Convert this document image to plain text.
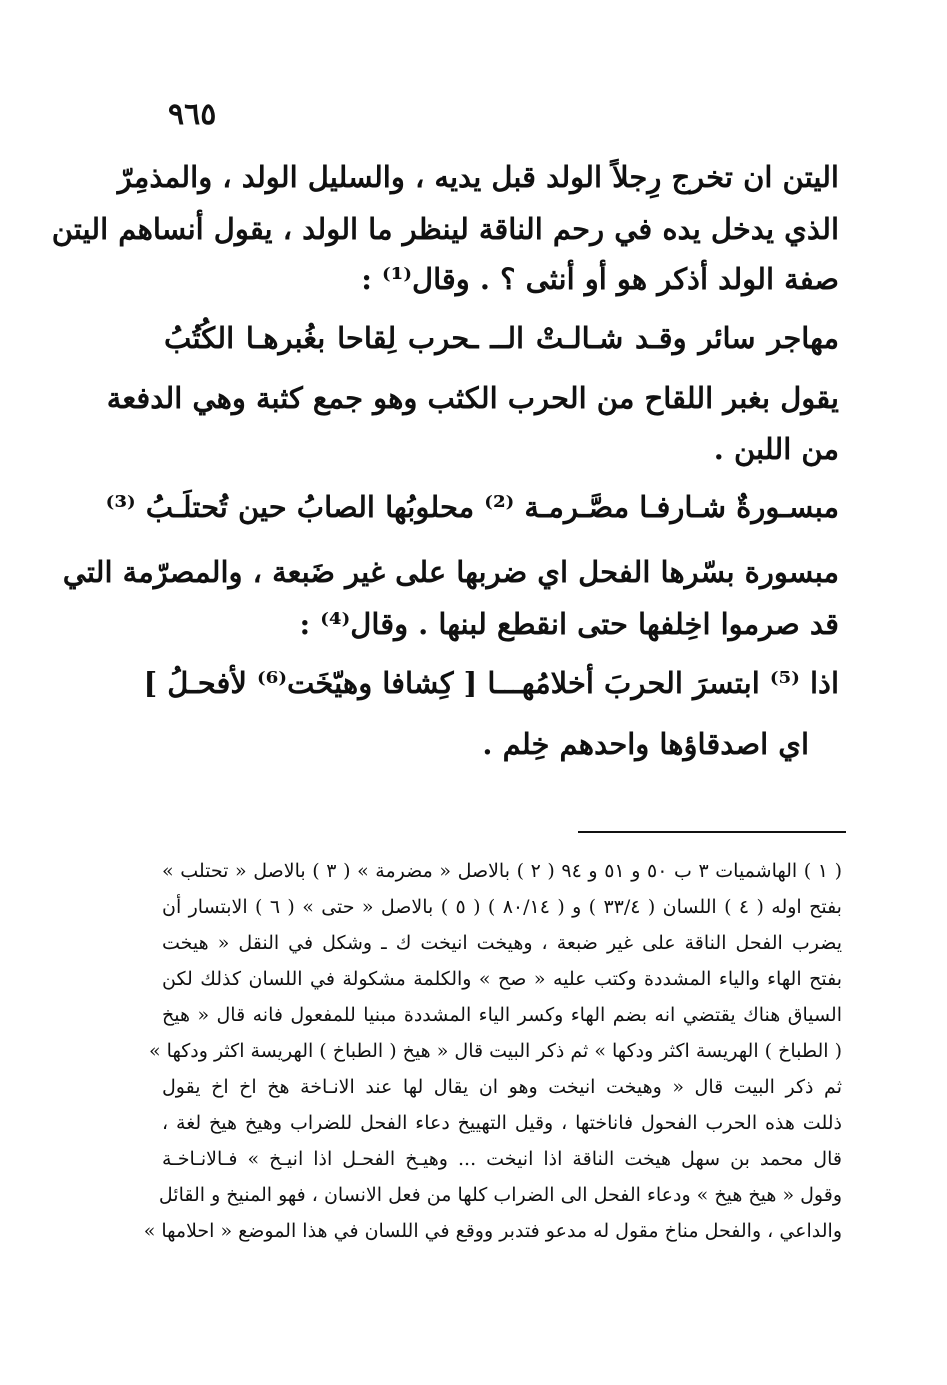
٩٦٥
اليتن ان تخرج رِجلاً الولد قبل يديه ، والسليل الولد ، والمذمِرّ
الذي يدخل يده في رحم الناقة لينظر ما الولد ، يقول أنساهم اليتن
صفة الولد أذكر هو أو أنثى ؟ . وقال⁽¹⁾ :
مهاجر سائر وقـد شـالـتْ الــ ـحرب لِقاحا بغُبرهـا الكُتُبُ
يقول بغبر اللقاح من الحرب الكثب وهو جمع كثبة وهي الدفعة
من اللبن .
مبسـورةٌ شـارفـا مصَّـرمـة ⁽²⁾ محلوبُها الصابُ حين تُحتلَـبُ ⁽³⁾
مبسورة بسّرها الفحل اي ضربها على غير ضَبعة ، والمصرّمة التي
قد صرموا اخِلفها حتى انقطع لبنها . وقال⁽⁴⁾ :
اذا ⁽⁵⁾ ابتسرَ الحربَ أخلامُهـــا [ كِشافا وهيّخَت⁽⁶⁾ لأفحـلُ ]
اي اصدقاؤها واحدهم خِلم .
( ١ ) الهاشميات ٣ ب ٥٠ و ٥١ و ٩٤ ( ٢ ) بالاصل « مضرمة » ( ٣ ) بالاصل « تحتلب »
بفتح اوله ( ٤ ) اللسان ( ٣٣/٤ ) و ( ٨٠/١٤ ) ( ٥ ) بالاصل « حتى » ( ٦ ) الابتسار أن
يضرب الفحل الناقة على غير ضبعة ، وهيخت انيخت ك ـ وشكل في النقل « هيخت
بفتح الهاء والياء المشددة وكتب عليه « صح » والكلمة مشكولة في اللسان كذلك لكن
السياق هناك يقتضي انه بضم الهاء وكسر الياء المشددة مبنيا للمفعول فانه قال « هيخ
( الطباخ ) الهريسة اكثر ودكها » ثم ذكر البيت قال « هيخ ( الطباخ ) الهريسة اكثر ودكها »
ثم ذكر البيت قال « وهيخت انيخت وهو ان يقال لها عند الانـاخة هخ اخ اخ يقول
ذللت هذه الحرب الفحول فاناختها ، وقيل التهييخ دعاء الفحل للضراب وهيخ هيخ لغة ،
قال محمد بن سهل هيخت الناقة اذا انيخت ... وهيـخ الفحـل اذا انيـخ » فـالانـاخـة
وقول « هيخ هيخ » ودعاء الفحل الى الضراب كلها من فعل الانسان ، فهو المنيخ و القائل
والداعي ، والفحل مناخ مقول له مدعو فتدبر ووقع في اللسان في هذا الموضع « احلامها »
